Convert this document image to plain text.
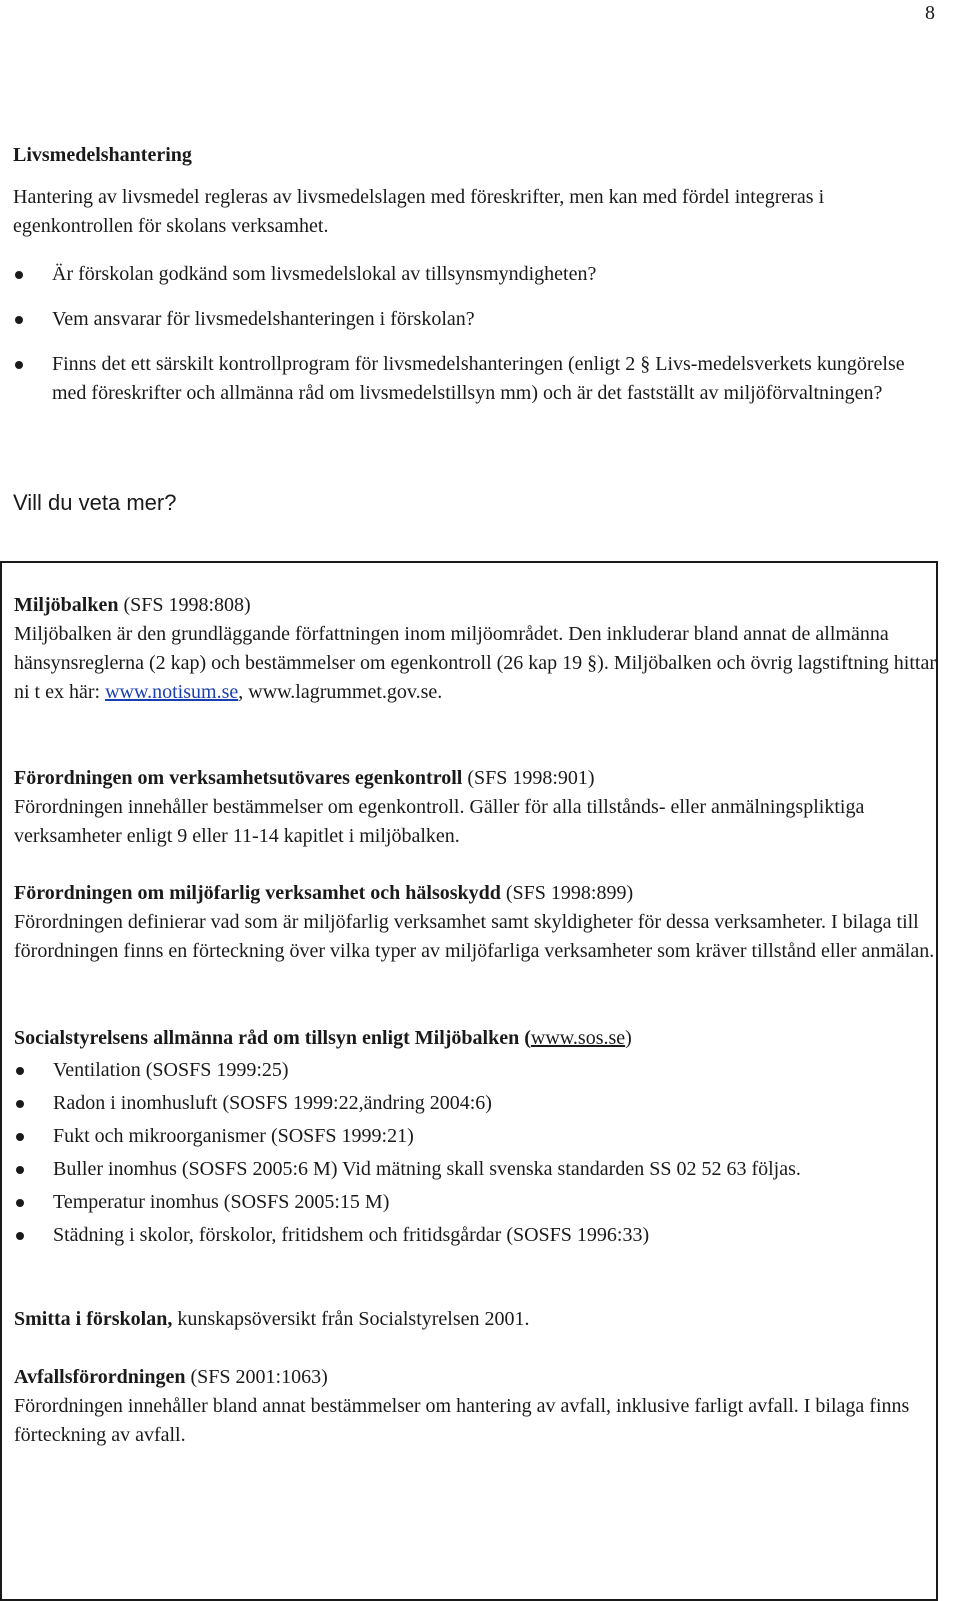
8

Livsmedelshantering

Hantering av livsmedel regleras av livsmedelslagen med föreskrifter, men kan med fördel integreras i egenkontrollen för skolans verksamhet.
Är förskolan godkänd som livsmedelslokal av tillsynsmyndigheten?
Vem ansvarar för livsmedelshanteringen i förskolan?
Finns det ett särskilt kontrollprogram för livsmedelshanteringen (enligt 2 § Livs-medelsverkets kungörelse med föreskrifter och allmänna råd om livsmedelstillsyn mm) och är det fastställt av miljöförvaltningen?
Vill du veta mer?

Miljöbalken (SFS 1998:808)

Miljöbalken är den grundläggande författningen inom miljöområdet. Den inkluderar bland annat de allmänna hänsynsreglerna (2 kap) och bestämmelser om egenkontroll (26 kap 19 §). Miljöbalken och övrig lagstiftning hittar ni t ex här: www.notisum.se, www.lagrummet.gov.se.

Förordningen om verksamhetsutövares egenkontroll (SFS 1998:901)

Förordningen innehåller bestämmelser om egenkontroll. Gäller för alla tillstånds- eller anmälningspliktiga verksamheter enligt 9 eller 11-14 kapitlet i miljöbalken.

Förordningen om miljöfarlig verksamhet och hälsoskydd (SFS 1998:899)

Förordningen definierar vad som är miljöfarlig verksamhet samt skyldigheter för dessa verksamheter. I bilaga till förordningen finns en förteckning över vilka typer av miljöfarliga verksamheter som kräver tillstånd eller anmälan.

Socialstyrelsens allmänna råd om tillsyn enligt Miljöbalken (www.sos.se)

Ventilation (SOSFS 1999:25)
Radon i inomhusluft (SOSFS 1999:22,ändring 2004:6)
Fukt och mikroorganismer (SOSFS 1999:21)
Buller inomhus (SOSFS 2005:6 M) Vid mätning skall svenska standarden SS 02 52 63 följas.
Temperatur inomhus (SOSFS 2005:15 M)
Städning i skolor, förskolor, fritidshem och fritidsgårdar (SOSFS 1996:33)

Smitta i förskolan, kunskapsöversikt från Socialstyrelsen 2001.

Avfallsförordningen (SFS 2001:1063)

Förordningen innehåller bland annat bestämmelser om hantering av avfall, inklusive farligt avfall. I bilaga finns förteckning av avfall.
